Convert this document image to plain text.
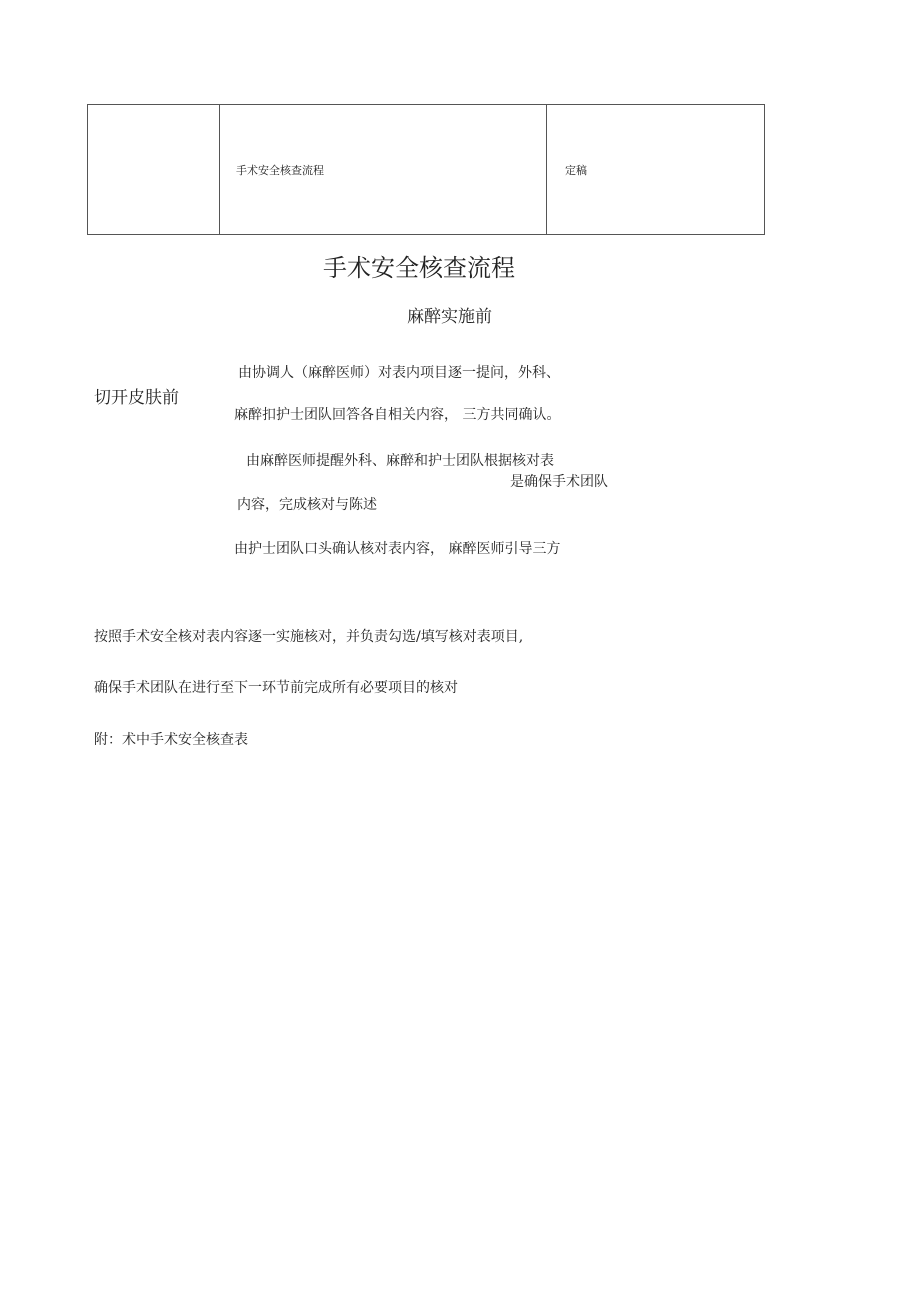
手术安全核查流程	定稿
手术安全核查流程
麻醉实施前
切开皮肤前
由协调人（麻醉医师）对表内项目逐一提问，外科、
麻醉扣护士团队回答各自相关内容， 三方共同确认。
由麻醉医师提醒外科、麻醉和护士团队根据核对表
是确保手术团队
内容，完成核对与陈述
由护士团队口头确认核对表内容， 麻醉医师引导三方
按照手术安全核对表内容逐一实施核对，并负责勾选/填写核对表项目,
确保手术团队在进行至下一环节前完成所有必要项目的核对
附：术中手术安全核查表
